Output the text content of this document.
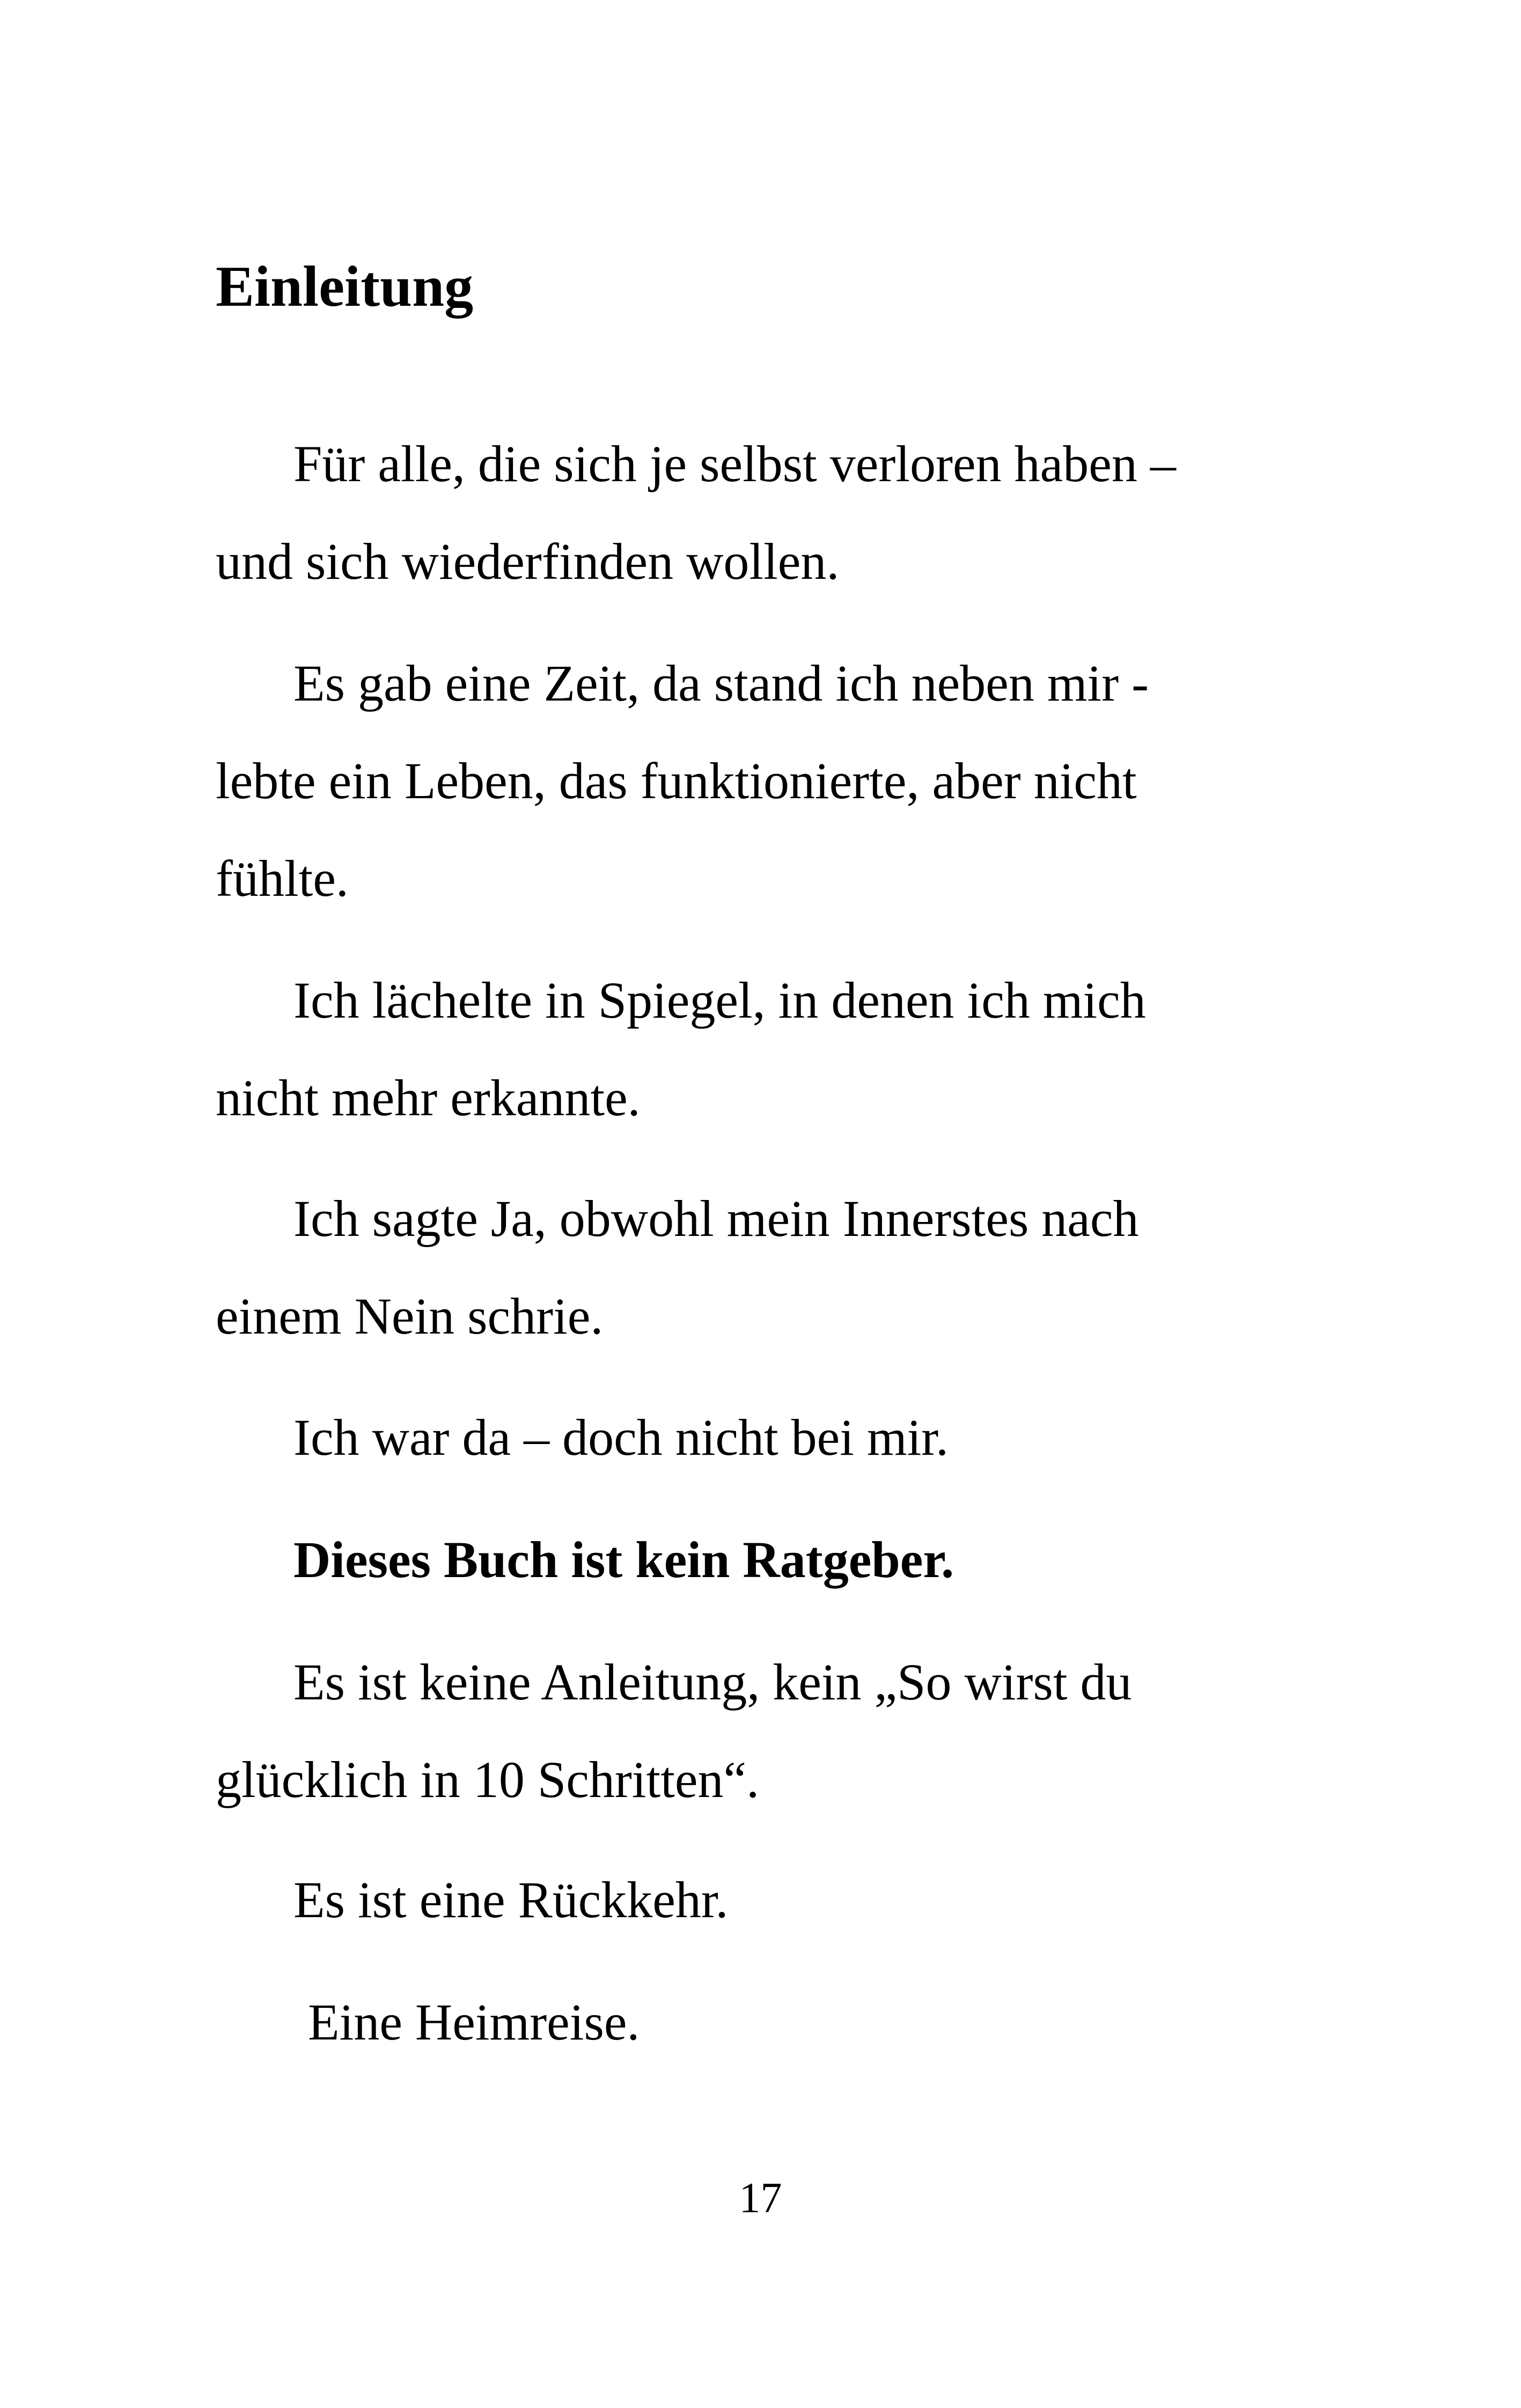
Einleitung

Für alle, die sich je selbst verloren haben –
und sich wiederfinden wollen.

Es gab eine Zeit, da stand ich neben mir -
lebte ein Leben, das funktionierte, aber nicht
fühlte.

Ich lächelte in Spiegel, in denen ich mich
nicht mehr erkannte.

Ich sagte Ja, obwohl mein Innerstes nach
einem Nein schrie.

Ich war da – doch nicht bei mir.

Dieses Buch ist kein Ratgeber.

Es ist keine Anleitung, kein „So wirst du
glücklich in 10 Schritten“.

Es ist eine Rückkehr.

Eine Heimreise.

17
